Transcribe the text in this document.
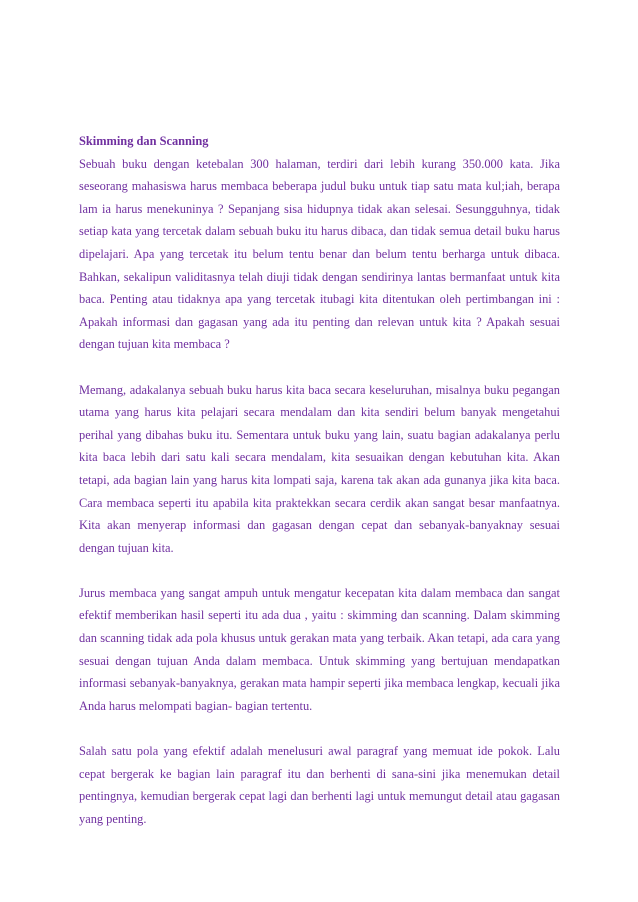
Skimming dan Scanning

Sebuah buku dengan ketebalan 300 halaman, terdiri dari lebih kurang 350.000 kata. Jika seseorang mahasiswa harus membaca beberapa judul buku untuk tiap satu mata kul;iah, berapa lam ia harus menekuninya ? Sepanjang sisa hidupnya tidak akan selesai. Sesungguhnya, tidak setiap kata yang tercetak dalam sebuah buku itu harus dibaca, dan tidak semua detail buku harus dipelajari. Apa yang tercetak itu belum tentu benar dan belum tentu berharga untuk dibaca. Bahkan, sekalipun validitasnya telah diuji tidak dengan sendirinya lantas bermanfaat untuk kita baca. Penting atau tidaknya apa yang tercetak itubagi kita ditentukan oleh pertimbangan ini : Apakah informasi dan gagasan yang ada itu penting dan relevan untuk kita ? Apakah sesuai dengan tujuan kita membaca ?

Memang, adakalanya sebuah buku harus kita baca secara keseluruhan, misalnya buku pegangan utama yang harus kita pelajari secara mendalam dan kita sendiri belum banyak mengetahui perihal yang dibahas buku itu. Sementara untuk buku yang lain, suatu bagian adakalanya perlu kita baca lebih dari satu kali secara mendalam, kita sesuaikan dengan kebutuhan kita. Akan tetapi, ada bagian lain yang harus kita lompati saja, karena tak akan ada gunanya jika kita baca. Cara membaca seperti itu apabila kita praktekkan secara cerdik akan sangat besar manfaatnya. Kita akan menyerap informasi dan gagasan dengan cepat dan sebanyak-banyaknay sesuai dengan tujuan kita.

Jurus membaca yang sangat ampuh untuk mengatur kecepatan kita dalam membaca dan sangat efektif memberikan hasil seperti itu ada dua , yaitu : skimming dan scanning. Dalam skimming dan scanning tidak ada pola khusus untuk gerakan mata yang terbaik. Akan tetapi, ada cara yang sesuai dengan tujuan Anda dalam membaca. Untuk skimming yang bertujuan mendapatkan informasi sebanyak-banyaknya, gerakan mata hampir seperti jika membaca lengkap, kecuali jika Anda harus melompati bagian- bagian tertentu.

Salah satu pola yang efektif adalah menelusuri awal paragraf yang memuat ide pokok. Lalu cepat bergerak ke bagian lain paragraf itu dan berhenti di sana-sini jika menemukan detail pentingnya, kemudian bergerak cepat lagi dan berhenti lagi untuk memungut detail atau gagasan yang penting.
